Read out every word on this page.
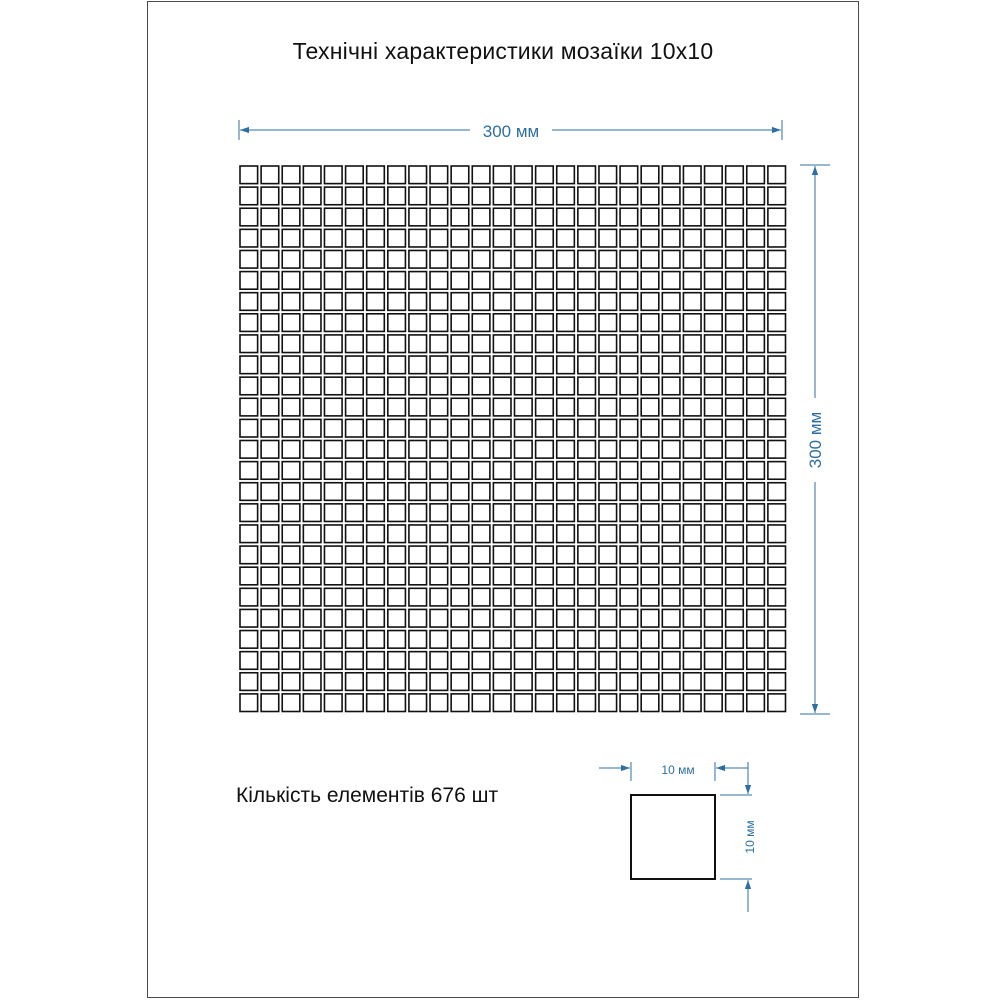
Технічні характеристики мозаїки 10х10
300 мм
300 мм
10 мм
10 мм
Кількість елементів 676 шт
